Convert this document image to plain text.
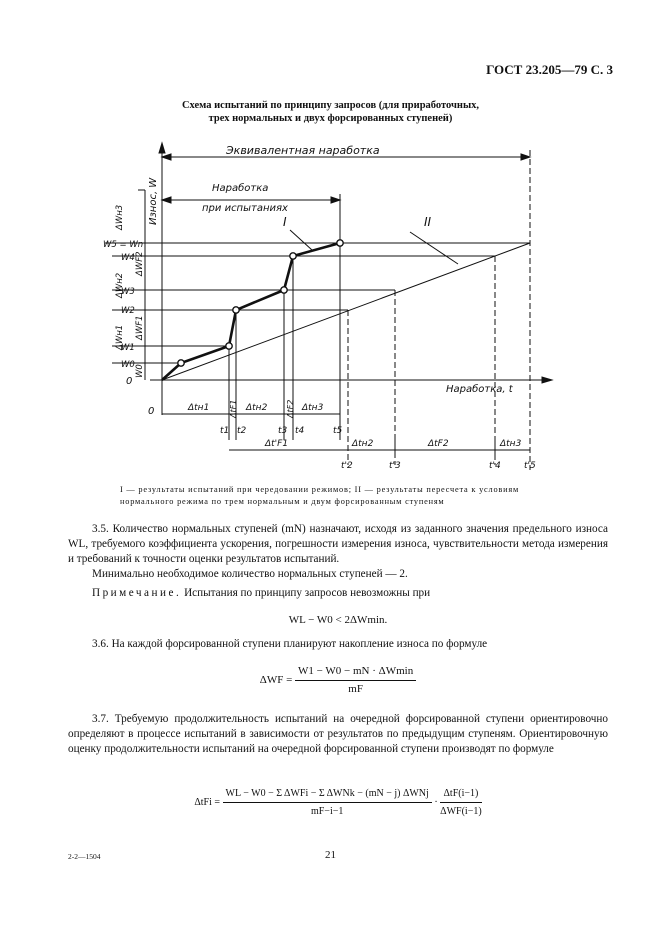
ГОСТ 23.205—79 С. 3
Схема испытаний по принципу запросов (для приработочных,
трех нормальных и двух форсированных ступеней)
Эквивалентная наработка
Наработка
при испытаниях
Износ, W
Наработка, t
I	II
0
0
W5 = Wn
W4
W3
W2
W1
W0
ΔWн3
ΔWF2
ΔWн2
ΔWF1
ΔWн1
W0
Δtн1 ΔtF1 Δtн2 ΔtF2 Δtн3
t1 t2	t3 t4	t5
Δt'F1	Δtн2	ΔtF2	Δtн3
t'2	t'3	t'4	t'5
I — результаты испытаний при чередовании режимов; II — результаты пересчета к условиям нормального режима по трем нормальным и двум форсированным ступеням
3.5. Количество нормальных ступеней (mN) назначают, исходя из заданного значения предельного износа WL, требуемого коэффициента ускорения, погрешности измерения износа, чувствительности метода измерения и требований к точности оценки результатов испытаний.
Минимально необходимое количество нормальных ступеней — 2.
Примечание. Испытания по принципу запросов невозможны при
WL − W0 < 2ΔWmin.
3.6. На каждой форсированной ступени планируют накопление износа по формуле
$\Delta WF = \frac{W1 - W0 - mN \cdot \Delta Wmin}{mF}$
3.7. Требуемую продолжительность испытаний на очередной форсированной ступени ориентировочно определяют в процессе испытаний в зависимости от результатов по предыдущим ступеням. Ориентировочную оценку продолжительности испытаний на очередной форсированной ступени производят по формуле
$\Delta tFi = \frac{\text{WL − W0 − Σ ΔWFi − Σ ΔWNk − (mN − j) ΔWNj}}{mF-i-1} \cdot \frac{\text{ΔtF(i−1)}}{\text{ΔWF(i−1)}}$
2-2—1504	21
